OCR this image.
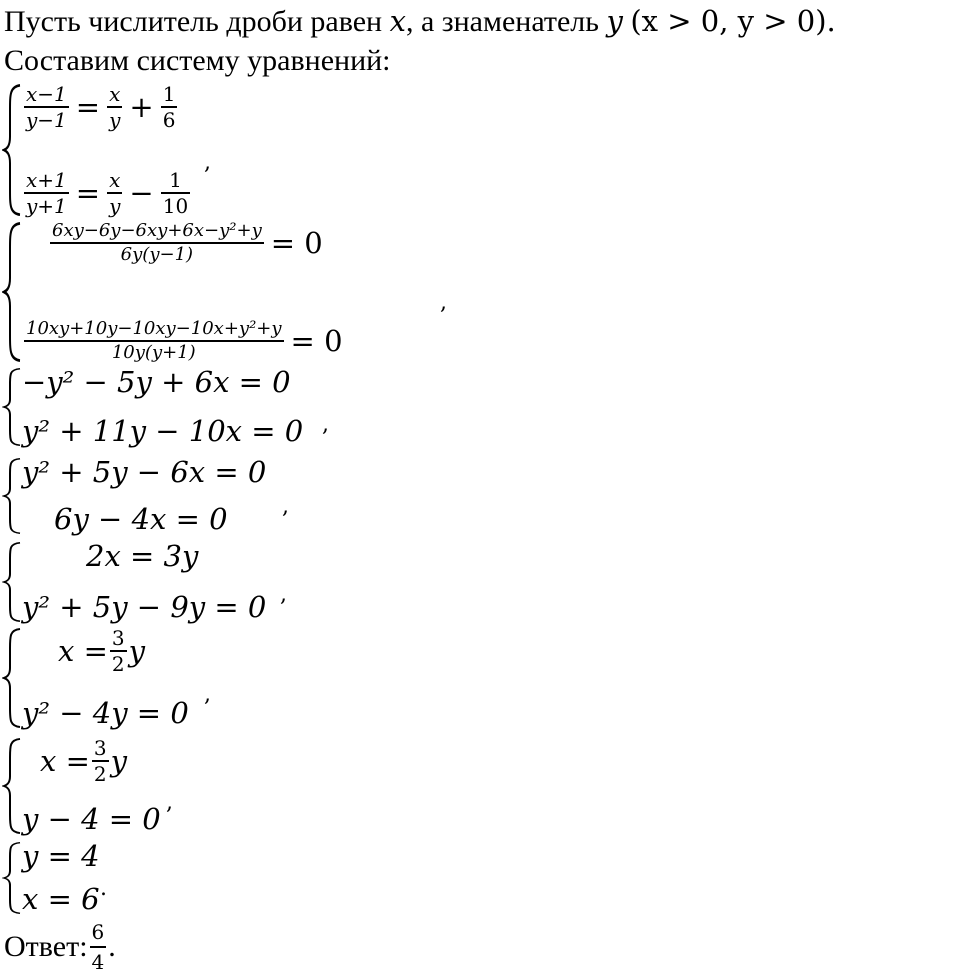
Пусть числитель дроби равен x, а знаменатель y (x > 0, y > 0).
Составим систему уравнений:
$\frac{x-1}{y-1} = \frac{x}{y} + \frac{1}{6}$
$\frac{x+1}{y+1} = \frac{x}{y} - \frac{1}{10}$
,
$\frac{\text{6xy−6y−6xy+6x−y²+y}}{6y(y-1)} = 0$
$\frac{\text{10xy+10y−10xy−10x+y²+y}}{10y(y+1)} = 0$
,
−y² − 5y + 6x = 0
y² + 11y − 10x = 0 ,
y² + 5y − 6x = 0
6y − 4x = 0	,
2x = 3y
y² + 5y − 9y = 0 ,
$x = \frac{3}{2}$ y
y² − 4y = 0
,
$x = \frac{3}{2}$ y
y − 4 = 0 ,
y = 4
x = 6 .
Ответ: $\frac{6}{4}$ .
